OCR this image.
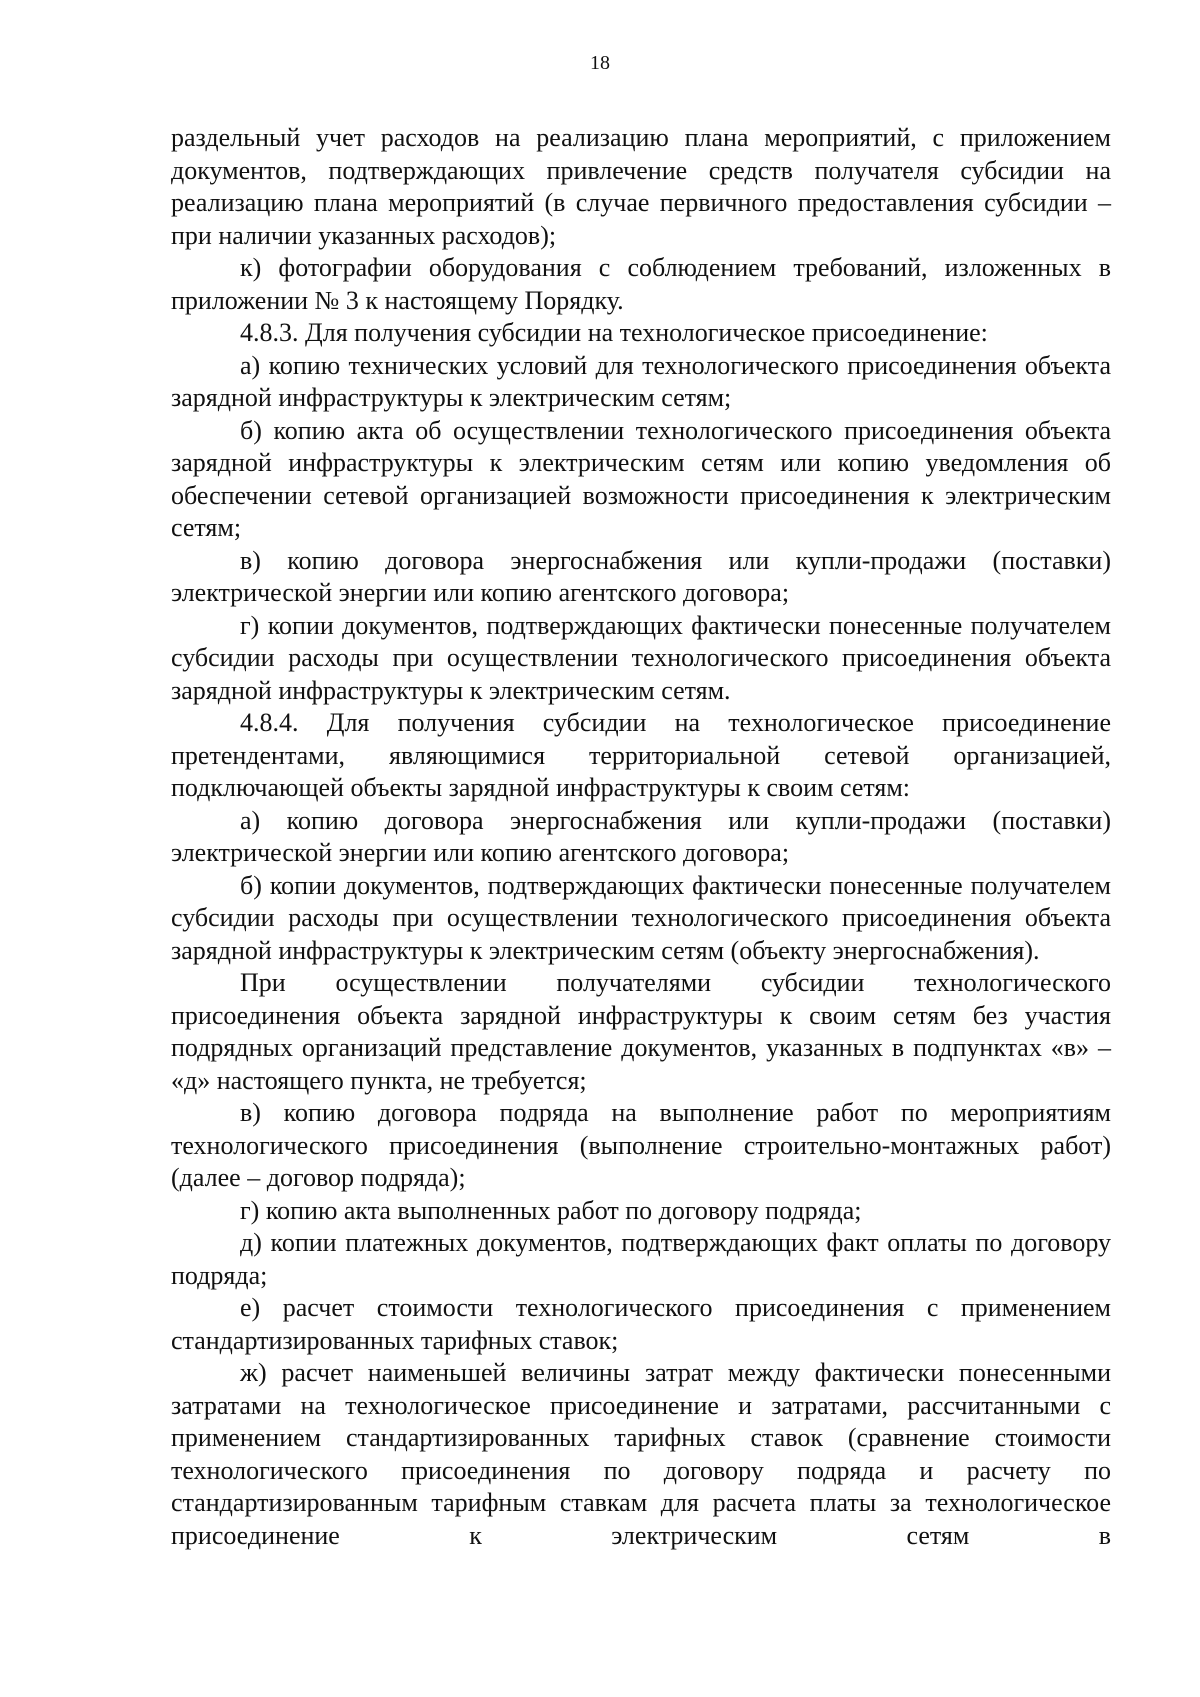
18

раздельный учет расходов на реализацию плана мероприятий, с приложением документов, подтверждающих привлечение средств получателя субсидии на реализацию плана мероприятий (в случае первичного предоставления субсидии – при наличии указанных расходов);

к) фотографии оборудования с соблюдением требований, изложенных в приложении № 3 к настоящему Порядку.

4.8.3. Для получения субсидии на технологическое присоединение:

а) копию технических условий для технологического присоединения объекта зарядной инфраструктуры к электрическим сетям;

б) копию акта об осуществлении технологического присоединения объекта зарядной инфраструктуры к электрическим сетям или копию уведомления об обеспечении сетевой организацией возможности присоединения к электрическим сетям;

в) копию договора энергоснабжения или купли-продажи (поставки) электрической энергии или копию агентского договора;

г) копии документов, подтверждающих фактически понесенные получателем субсидии расходы при осуществлении технологического присоединения объекта зарядной инфраструктуры к электрическим сетям.

4.8.4. Для получения субсидии на технологическое присоединение претендентами, являющимися территориальной сетевой организацией, подключающей объекты зарядной инфраструктуры к своим сетям:

а) копию договора энергоснабжения или купли-продажи (поставки) электрической энергии или копию агентского договора;

б) копии документов, подтверждающих фактически понесенные получателем субсидии расходы при осуществлении технологического присоединения объекта зарядной инфраструктуры к электрическим сетям (объекту энергоснабжения).

При осуществлении получателями субсидии технологического присоединения объекта зарядной инфраструктуры к своим сетям без участия подрядных организаций представление документов, указанных в подпунктах «в» – «д» настоящего пункта, не требуется;

в) копию договора подряда на выполнение работ по мероприятиям технологического присоединения (выполнение строительно-монтажных работ) (далее – договор подряда);

г) копию акта выполненных работ по договору подряда;

д) копии платежных документов, подтверждающих факт оплаты по договору подряда;

е) расчет стоимости технологического присоединения с применением стандартизированных тарифных ставок;

ж) расчет наименьшей величины затрат между фактически понесенными затратами на технологическое присоединение и затратами, рассчитанными с применением стандартизированных тарифных ставок (сравнение стоимости технологического присоединения по договору подряда и расчету по стандартизированным тарифным ставкам для расчета платы за технологическое присоединение к электрическим сетям в
